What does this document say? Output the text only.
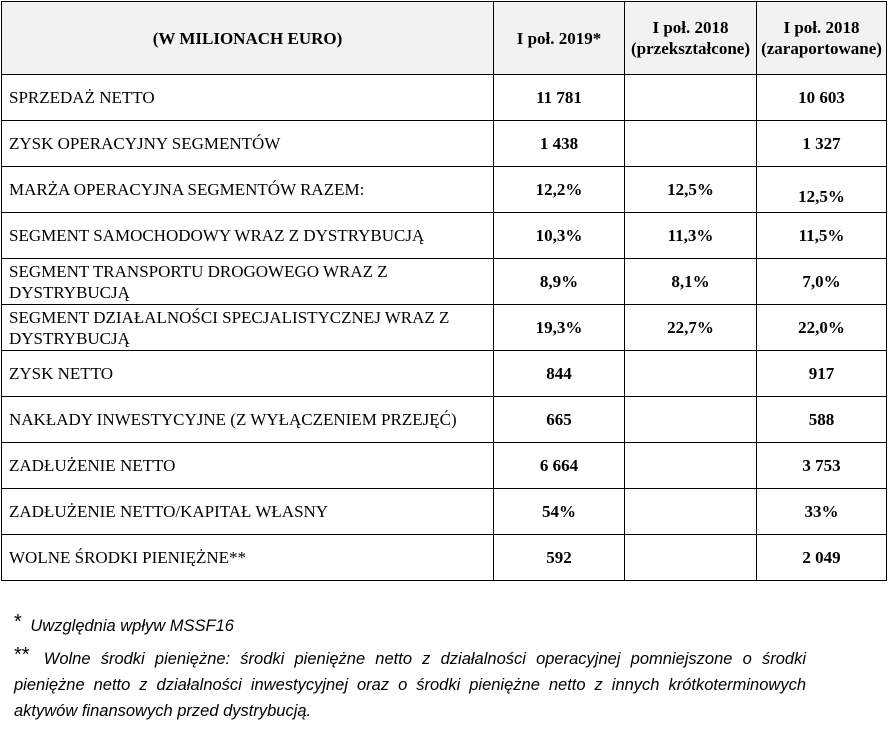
(W MILIONACH EURO)	I poł. 2019*	I poł. 2018 (przekształcone)	I poł. 2018 (zaraportowane)
SPRZEDAŻ NETTO	11 781		10 603
ZYSK OPERACYJNY SEGMENTÓW	1 438		1 327
MARŻA OPERACYJNA SEGMENTÓW RAZEM:	12,2%	12,5%	12,5%
SEGMENT SAMOCHODOWY WRAZ Z DYSTRYBUCJĄ	10,3%	11,3%	11,5%
SEGMENT TRANSPORTU DROGOWEGO WRAZ Z DYSTRYBUCJĄ	8,9%	8,1%	7,0%
SEGMENT DZIAŁALNOŚCI SPECJALISTYCZNEJ WRAZ Z DYSTRYBUCJĄ	19,3%	22,7%	22,0%
ZYSK NETTO	844		917
NAKŁADY INWESTYCYJNE (Z WYŁĄCZENIEM PRZEJĘĆ)	665		588
ZADŁUŻENIE NETTO	6 664		3 753
ZADŁUŻENIE NETTO/KAPITAŁ WŁASNY	54%		33%
WOLNE ŚRODKI PIENIĘŻNE**	592		2 049
* Uwzględnia wpływ MSSF16
** Wolne środki pieniężne: środki pieniężne netto z działalności operacyjnej pomniejszone o środki pieniężne netto z działalności inwestycyjnej oraz o środki pieniężne netto z innych krótkoterminowych aktywów finansowych przed dystrybucją.
